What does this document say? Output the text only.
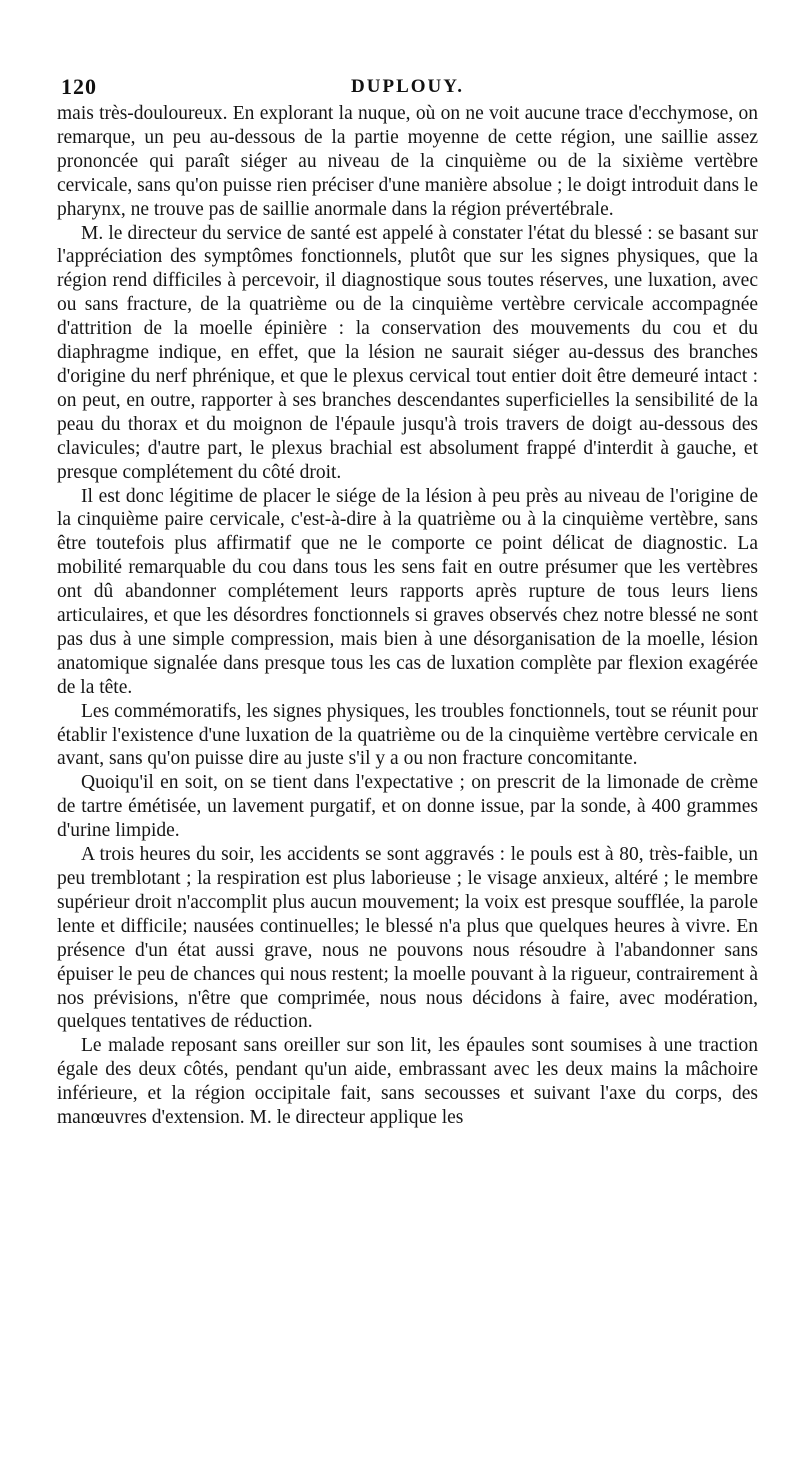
120	DUPLOUY.

mais très-douloureux. En explorant la nuque, où on ne voit aucune trace d'ecchymose, on remarque, un peu au-dessous de la partie moyenne de cette région, une saillie assez prononcée qui paraît siéger au niveau de la cinquième ou de la sixième vertèbre cervicale, sans qu'on puisse rien préciser d'une manière absolue ; le doigt introduit dans le pharynx, ne trouve pas de saillie anormale dans la région prévertébrale.

M. le directeur du service de santé est appelé à constater l'état du blessé : se basant sur l'appréciation des symptômes fonctionnels, plutôt que sur les signes physiques, que la région rend difficiles à percevoir, il diagnostique sous toutes réserves, une luxation, avec ou sans fracture, de la quatrième ou de la cinquième vertèbre cervicale accompagnée d'attrition de la moelle épinière : la conservation des mouvements du cou et du diaphragme indique, en effet, que la lésion ne saurait siéger au-dessus des branches d'origine du nerf phrénique, et que le plexus cervical tout entier doit être demeuré intact : on peut, en outre, rapporter à ses branches descendantes superficielles la sensibilité de la peau du thorax et du moignon de l'épaule jusqu'à trois travers de doigt au-dessous des clavicules; d'autre part, le plexus brachial est absolument frappé d'interdit à gauche, et presque complétement du côté droit.

Il est donc légitime de placer le siége de la lésion à peu près au niveau de l'origine de la cinquième paire cervicale, c'est-à-dire à la quatrième ou à la cinquième vertèbre, sans être toutefois plus affirmatif que ne le comporte ce point délicat de diagnostic. La mobilité remarquable du cou dans tous les sens fait en outre présumer que les vertèbres ont dû abandonner complétement leurs rapports après rupture de tous leurs liens articulaires, et que les désordres fonctionnels si graves observés chez notre blessé ne sont pas dus à une simple compression, mais bien à une désorganisation de la moelle, lésion anatomique signalée dans presque tous les cas de luxation complète par flexion exagérée de la tête.

Les commémoratifs, les signes physiques, les troubles fonctionnels, tout se réunit pour établir l'existence d'une luxation de la quatrième ou de la cinquième vertèbre cervicale en avant, sans qu'on puisse dire au juste s'il y a ou non fracture concomitante.

Quoiqu'il en soit, on se tient dans l'expectative ; on prescrit de la limonade de crème de tartre émétisée, un lavement purgatif, et on donne issue, par la sonde, à 400 grammes d'urine limpide.

A trois heures du soir, les accidents se sont aggravés : le pouls est à 80, très-faible, un peu tremblotant ; la respiration est plus laborieuse ; le visage anxieux, altéré ; le membre supérieur droit n'accomplit plus aucun mouvement; la voix est presque soufflée, la parole lente et difficile; nausées continuelles; le blessé n'a plus que quelques heures à vivre. En présence d'un état aussi grave, nous ne pouvons nous résoudre à l'abandonner sans épuiser le peu de chances qui nous restent; la moelle pouvant à la rigueur, contrairement à nos prévisions, n'être que comprimée, nous nous décidons à faire, avec modération, quelques tentatives de réduction.

Le malade reposant sans oreiller sur son lit, les épaules sont soumises à une traction égale des deux côtés, pendant qu'un aide, embrassant avec les deux mains la mâchoire inférieure, et la région occipitale fait, sans secousses et suivant l'axe du corps, des manœuvres d'extension. M. le directeur applique les
